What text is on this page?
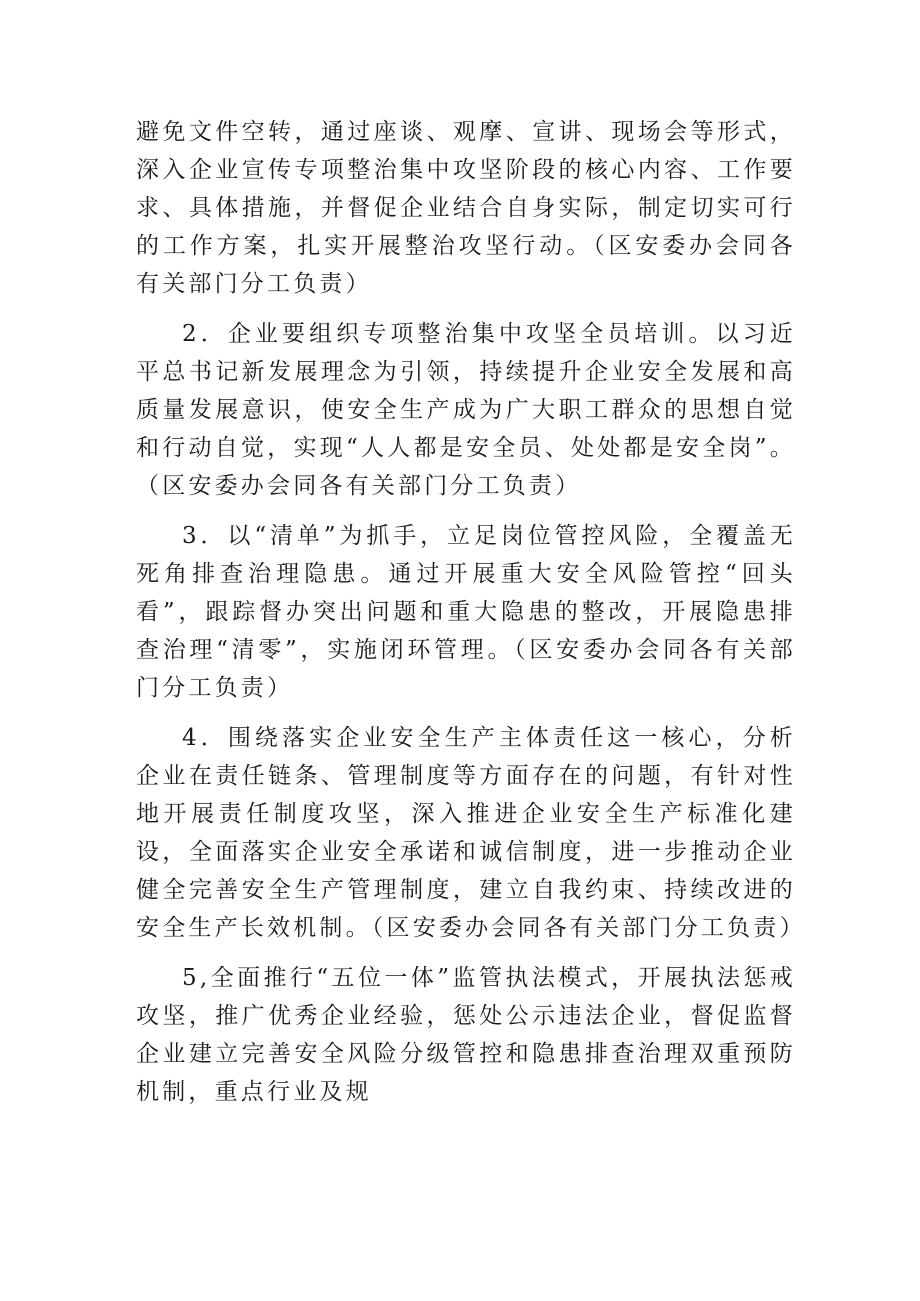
避免文件空转，通过座谈、观摩、宣讲、现场会等形式，深入企业宣传专项整治集中攻坚阶段的核心内容、工作要求、具体措施，并督促企业结合自身实际，制定切实可行的工作方案，扎实开展整治攻坚行动。（区安委办会同各有关部门分工负责）

2．企业要组织专项整治集中攻坚全员培训。以习近平总书记新发展理念为引领，持续提升企业安全发展和高质量发展意识，使安全生产成为广大职工群众的思想自觉和行动自觉，实现“人人都是安全员、处处都是安全岗”。（区安委办会同各有关部门分工负责）

3．以“清单”为抓手，立足岗位管控风险，全覆盖无死角排查治理隐患。通过开展重大安全风险管控“回头看”，跟踪督办突出问题和重大隐患的整改，开展隐患排查治理“清零”，实施闭环管理。（区安委办会同各有关部门分工负责）

4．围绕落实企业安全生产主体责任这一核心，分析企业在责任链条、管理制度等方面存在的问题，有针对性地开展责任制度攻坚，深入推进企业安全生产标准化建设，全面落实企业安全承诺和诚信制度，进一步推动企业健全完善安全生产管理制度，建立自我约束、持续改进的安全生产长效机制。（区安委办会同各有关部门分工负责）

5,全面推行“五位一体”监管执法模式，开展执法惩戒攻坚，推广优秀企业经验，惩处公示违法企业，督促监督企业建立完善安全风险分级管控和隐患排查治理双重预防机制，重点行业及规
